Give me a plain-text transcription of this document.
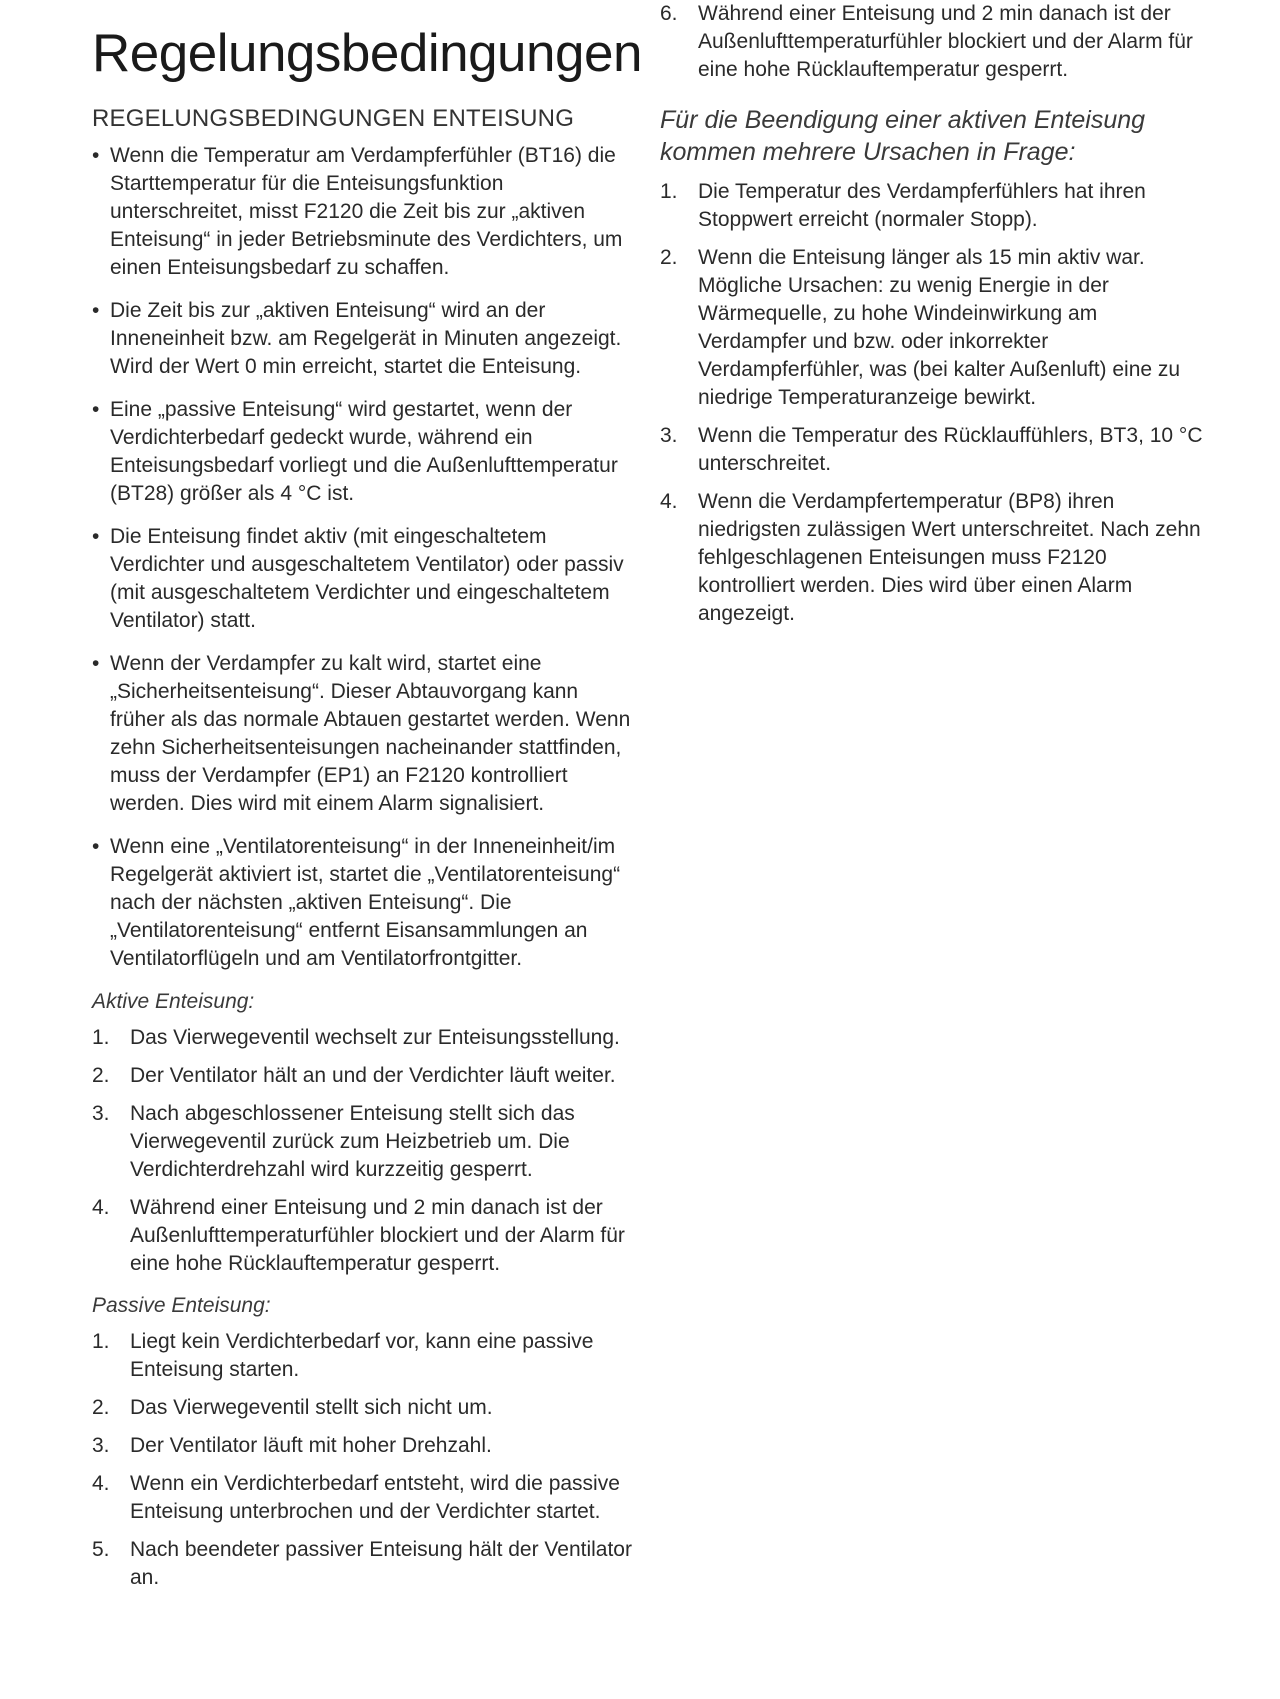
Regelungsbedingungen
REGELUNGSBEDINGUNGEN ENTEISUNG
• Wenn die Temperatur am Verdampferfühler (BT16) die Starttemperatur für die Enteisungsfunktion unterschreitet, misst F2120 die Zeit bis zur „aktiven Enteisung“ in jeder Betriebsminute des Verdichters, um einen Enteisungsbedarf zu schaffen.
• Die Zeit bis zur „aktiven Enteisung“ wird an der Inneneinheit bzw. am Regelgerät in Minuten angezeigt. Wird der Wert 0 min erreicht, startet die Enteisung.
• Eine „passive Enteisung“ wird gestartet, wenn der Verdichterbedarf gedeckt wurde, während ein Enteisungsbedarf vorliegt und die Außenlufttemperatur (BT28) größer als 4 °C ist.
• Die Enteisung findet aktiv (mit eingeschaltetem Verdichter und ausgeschaltetem Ventilator) oder passiv (mit ausgeschaltetem Verdichter und eingeschaltetem Ventilator) statt.
• Wenn der Verdampfer zu kalt wird, startet eine „Sicherheitsenteisung“. Dieser Abtauvorgang kann früher als das normale Abtauen gestartet werden. Wenn zehn Sicherheitsenteisungen nacheinander stattfinden, muss der Verdampfer (EP1) an F2120 kontrolliert werden. Dies wird mit einem Alarm signalisiert.
• Wenn eine „Ventilatorenteisung“ in der Inneneinheit/im Regelgerät aktiviert ist, startet die „Ventilatorenteisung“ nach der nächsten „aktiven Enteisung“. Die „Ventilatorenteisung“ entfernt Eisansammlungen an Ventilatorflügeln und am Ventilatorfrontgitter.
Aktive Enteisung:
1. Das Vierwegeventil wechselt zur Enteisungsstellung.
2. Der Ventilator hält an und der Verdichter läuft weiter.
3. Nach abgeschlossener Enteisung stellt sich das Vierwegeventil zurück zum Heizbetrieb um. Die Verdichterdrehzahl wird kurzzeitig gesperrt.
4. Während einer Enteisung und 2 min danach ist der Außenlufttemperaturfühler blockiert und der Alarm für eine hohe Rücklauftemperatur gesperrt.
Passive Enteisung:
1. Liegt kein Verdichterbedarf vor, kann eine passive Enteisung starten.
2. Das Vierwegeventil stellt sich nicht um.
3. Der Ventilator läuft mit hoher Drehzahl.
4. Wenn ein Verdichterbedarf entsteht, wird die passive Enteisung unterbrochen und der Verdichter startet.
5. Nach beendeter passiver Enteisung hält der Ventilator an.
6. Während einer Enteisung und 2 min danach ist der Außenlufttemperaturfühler blockiert und der Alarm für eine hohe Rücklauftemperatur gesperrt.
Für die Beendigung einer aktiven Enteisung kommen mehrere Ursachen in Frage:
1. Die Temperatur des Verdampferfühlers hat ihren Stoppwert erreicht (normaler Stopp).
2. Wenn die Enteisung länger als 15 min aktiv war. Mögliche Ursachen: zu wenig Energie in der Wärmequelle, zu hohe Windeinwirkung am Verdampfer und bzw. oder inkorrekter Verdampferfühler, was (bei kalter Außenluft) eine zu niedrige Temperaturanzeige bewirkt.
3. Wenn die Temperatur des Rücklauffühlers, BT3, 10 °C unterschreitet.
4. Wenn die Verdampfertemperatur (BP8) ihren niedrigsten zulässigen Wert unterschreitet. Nach zehn fehlgeschlagenen Enteisungen muss F2120 kontrolliert werden. Dies wird über einen Alarm angezeigt.
